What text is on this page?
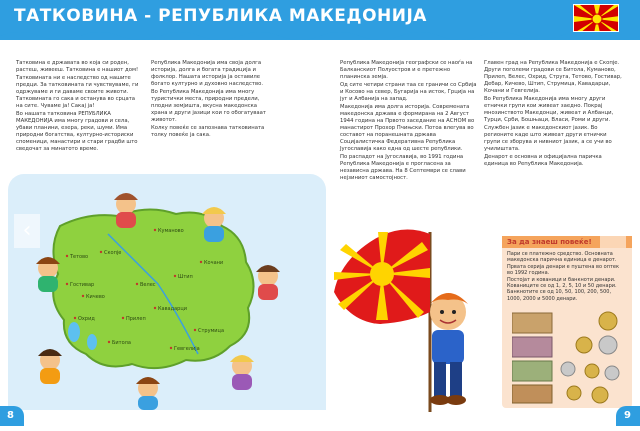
ТАТКОВИНА - РЕПУБЛИКА МАКЕДОНИЈА

Татковина е државата во која си роден, растеш, живееш. Татковина е нашиот дом!

Татковината ни е наследство од нашите предци. За татковината ги чувствуваме, ги одржуваме и ги даваме своите животи. Татковината го сака и останува во срцата на сите. Чуваме ја! Сакај ја!

Во нашата татковина РЕПУБЛИКА МАКЕДОНИЈА има многу градови и села, убави планини, езера, реки, шуми. Има природни богатства, културно-историски споменици, манастири и стари градби што сведочат за минатото време.

Република Македонија има своја долга историја, долга и богата традиција и фолклор. Нашата историја ја оставиле богато културно и духовно наследство.

Во Република Македонија има многу туристички места, природни предели, плодни земјишта, вкусна македонска храна и други јазици кои го обогатуваат животот.

Колку повеќе се запознава татковината толку повеќе ја сака.

Република Македонија географски се наоѓа на Балканскиот Полуостров и е претежно планинска земја.

Од сите четири страни таа се граничи со Србија и Косово на север, Бугарија на исток, Грција на југ и Албанија на запад.

Македонија има долга историја. Современата македонска држава е формирана на 2 Август 1944 година на Првото заседание на АСНОМ во манастирот Прохор Пчињски. Потоа влегува во составот на поранешната држава Социјалистичка Федеративна Република Југославија како една од шесте републики.

По распадот на Југославија, во 1991 година Република Македонија е прогласена за независна држава. На 8 Септември се слави нејзиниот самостојност.

Главен град на Република Македонија е Скопје. Други поголеми градови се Битола, Куманово, Прилеп, Велес, Охрид, Струга, Тетово, Гостивар, Дебар, Кичево, Штип, Струмица, Кавадарци, Кочани и Гевгелија.

Во Република Македонија има многу други етнички групи кои живеат заедно. Покрај мнозинството Македонци, живеат и Албанци, Турци, Срби, Бошњаци, Власи, Роми и други.

Службен јазик е македонскиот јазик. Во регионите каде што живеат други етнички групи се зборува и нивниот јазик, а се учи во училиштата.

Денарот е основна и официјална паричка единица во Република Македонија.

Скопје
Куманово
Тетово
Гостивар	Велес
Штип
Кочани
Битола
Прилеп
Охрид
Струмица
Гевгелија
Кавадарци
Кичево
За да знаеш повеќе!

Пари се платежно средство. Основната македонска парична единица е денарот. Првата серија денари е пуштена во оптек во 1992 година.

Постојат и кованици и банкноти денари. Кованиците се од 1, 2, 5, 10 и 50 денари. Банкнотите се од 10, 50, 100, 200, 500, 1000, 2000 и 5000 денари.

8	9
‹	›
